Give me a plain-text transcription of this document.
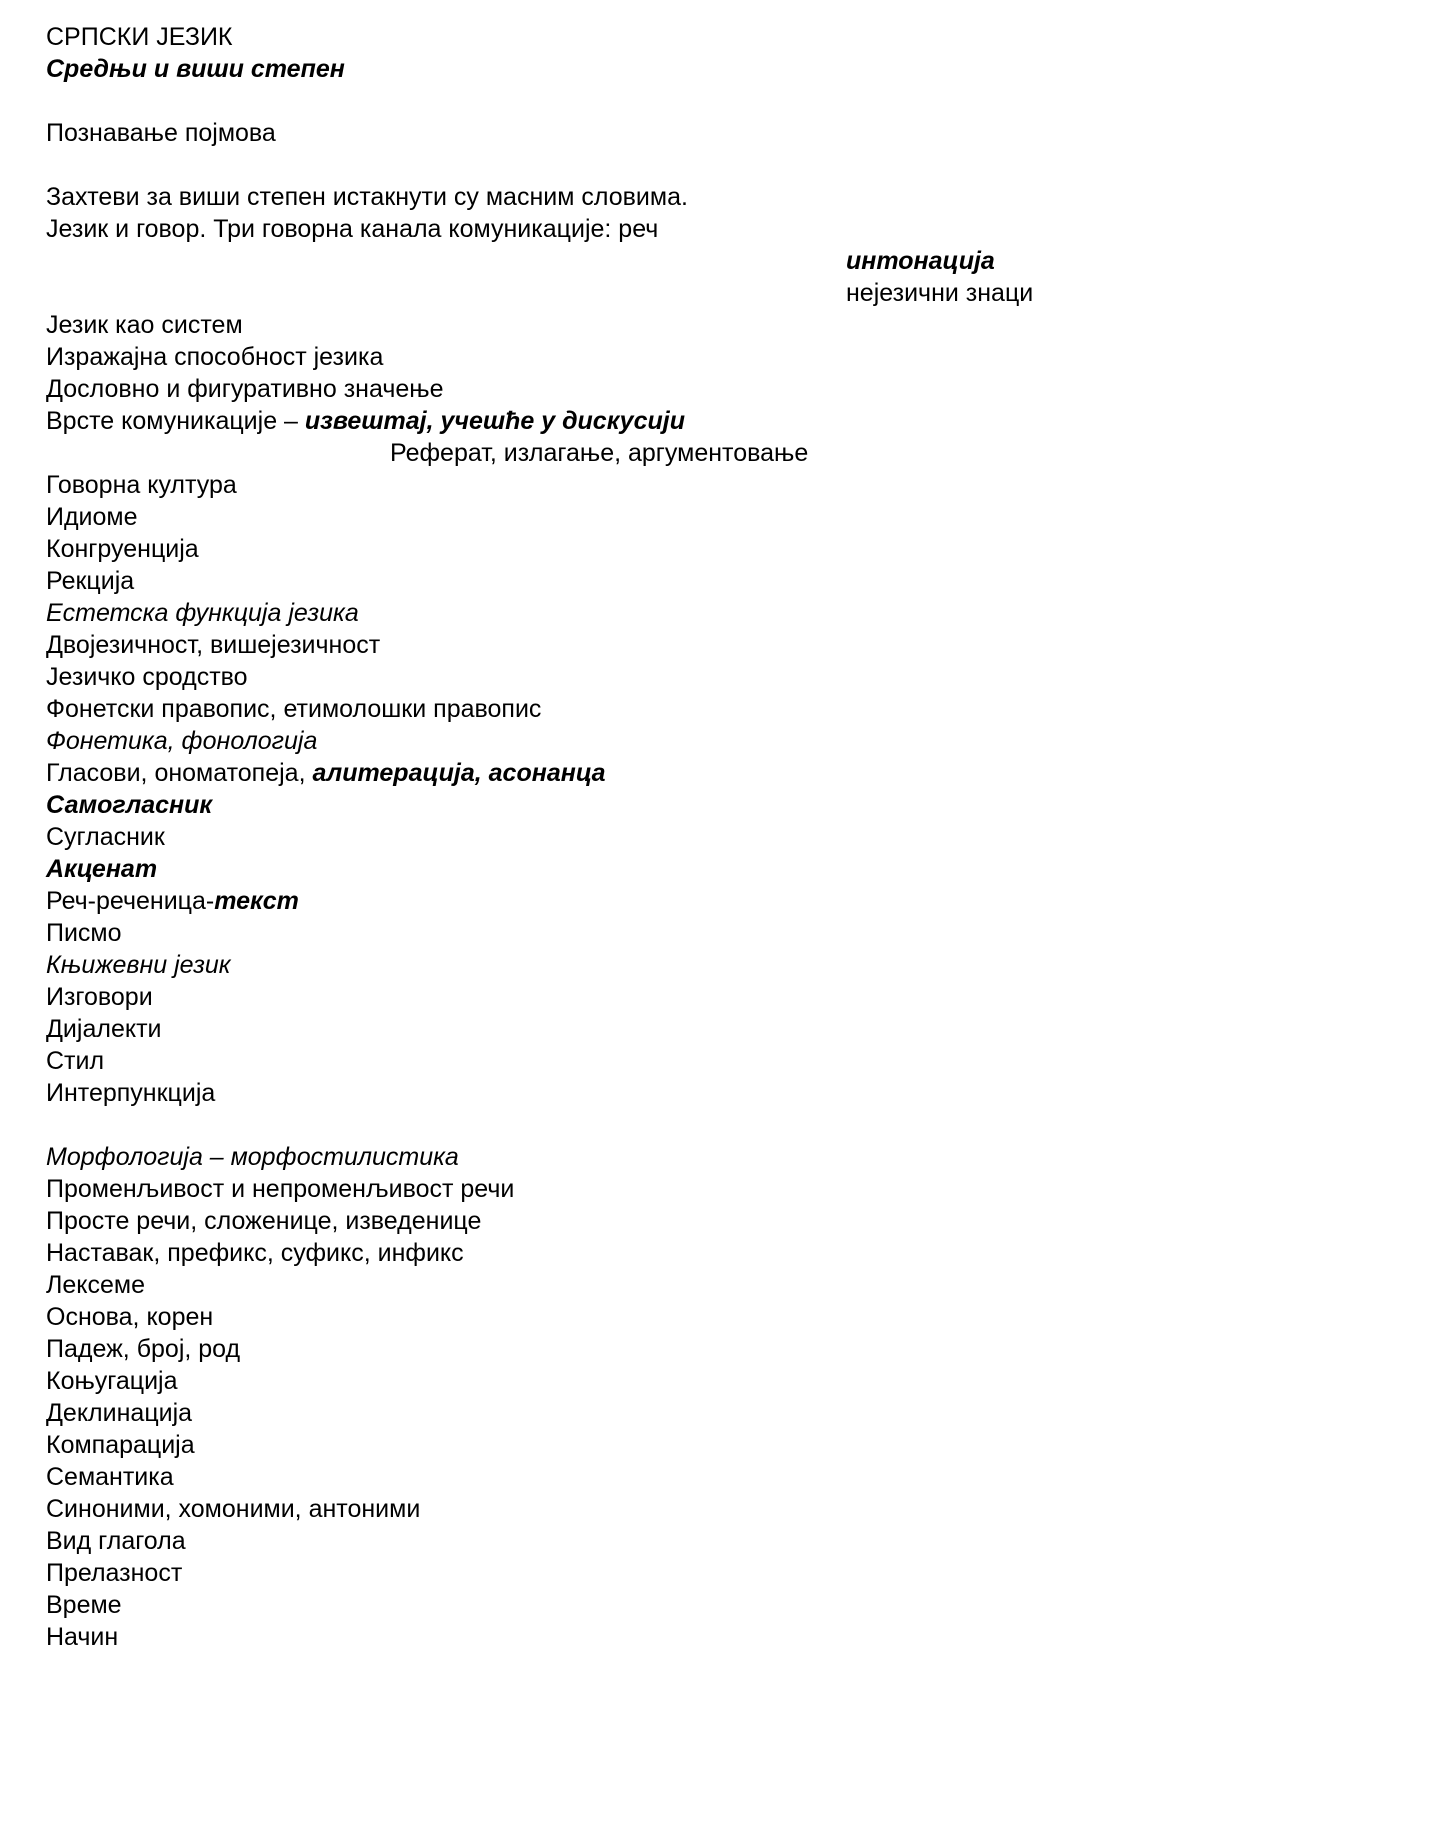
СРПСКИ ЈЕЗИК
Средњи и виши степен
Познавање појмова
Захтеви за виши степен истакнути су масним словима.
Језик и говор. Три говорна канала комуникације: реч
интонација
нејезични знаци
Језик као систем
Изражајна способност језика
Дословно и фигуративно значење
Врсте комуникације – извештај, учешће у дискусији
Реферат, излагање, аргументовање
Говорна култура
Идиоме
Конгруенција
Рекција
Естетска функција језика
Двојезичност, вишејезичност
Језичко сродство
Фонетски правопис, етимолошки правопис
Фонетика, фонологија
Гласови, ономатопеја, алитерација, асонанца
Самогласник
Сугласник
Акценат
Реч-реченица-текст
Писмо
Књижевни језик
Изговори
Дијалекти
Стил
Интерпункција
Морфологија – морфостилистика
Променљивост и непроменљивост речи
Просте речи, сложенице, изведенице
Наставак, префикс, суфикс, инфикс
Лексеме
Основа, корен
Падеж, број, род
Коњугација
Деклинација
Компарација
Семантика
Синоними, хомоними, антоними
Вид глагола
Прелазност
Време
Начин
